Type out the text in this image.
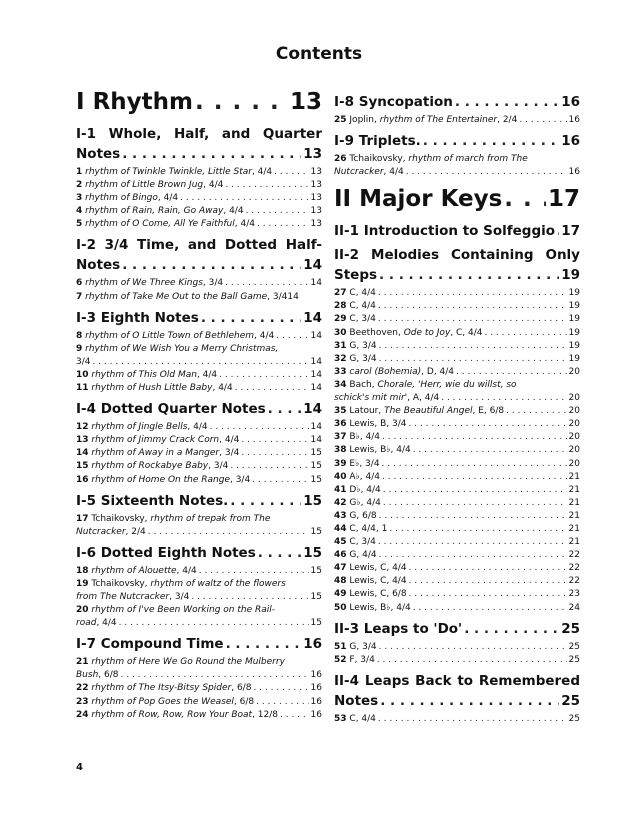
Contents
I Rhythm . . .	13
I-1 Whole, Half, and Quarter
Notes . . .	13
1 rhythm of Twinkle Twinkle, Little Star, 4/4 . . .	13
2 rhythm of Little Brown Jug, 4/4 . . .	13
3 rhythm of Bingo, 4/4 . . .	13
4 rhythm of Rain, Rain, Go Away, 4/4 . . .	13
5 rhythm of O Come, All Ye Faithful, 4/4 . . .	13
I-2 3/4 Time, and Dotted Half-
Notes . . .	14
6 rhythm of We Three Kings, 3/4 . . .	14
7 rhythm of Take Me Out to the Ball Game, 3/4 14
I-3 Eighth Notes . . .	14
8 rhythm of O Little Town of Bethlehem, 4/4 . . .	14
9 rhythm of We Wish You a Merry Christmas,
3/4 . . .	14
10 rhythm of This Old Man, 4/4 . . .	14
11 rhythm of Hush Little Baby, 4/4 . . .	14
I-4 Dotted Quarter Notes . . .	14
12 rhythm of Jingle Bells, 4/4 . . .	14
13 rhythm of Jimmy Crack Corn, 4/4 . . .	14
14 rhythm of Away in a Manger, 3/4 . . .	15
15 rhythm of Rockabye Baby, 3/4 . . .	15
16 rhythm of Home On the Range, 3/4 . . .	15
I-5 Sixteenth Notes. . . .	15
17 Tchaikovsky, rhythm of trepak from The
Nutcracker, 2/4 . . .	15
I-6 Dotted Eighth Notes . . .	15
18 rhythm of Alouette, 4/4 . . .	15
19 Tchaikovsky, rhythm of waltz of the flowers
from The Nutcracker, 3/4 . . .	15
20 rhythm of I've Been Working on the Rail-
road, 4/4 . . .	15
I-7 Compound Time . . .	16
21 rhythm of Here We Go Round the Mulberry
Bush, 6/8 . . .	16
22 rhythm of The Itsy-Bitsy Spider, 6/8 . . .	16
23 rhythm of Pop Goes the Weasel, 6/8 . . .	16
24 rhythm of Row, Row, Row Your Boat, 12/8 . . .	16
I-8 Syncopation . . .	16
25 Joplin, rhythm of The Entertainer, 2/4 . . .	16
I-9 Triplets. . . .	16
26 Tchaikovsky, rhythm of march from The
Nutcracker, 4/4 . . .	16
II Major Keys . . . 17
II-1 Introduction to Solfeggio . . . 17
II-2 Melodies Containing Only
Steps . . .	19
27 C, 4/4 . . .	19
28 C, 4/4 . . .	19
29 C, 3/4 . . .	19
30 Beethoven, Ode to Joy, C, 4/4 . . .	19
31 G, 3/4 . . .	19
32 G, 3/4 . . .	19
33 carol (Bohemia), D, 4/4 . . .	20
34 Bach, Chorale, 'Herr, wie du willst, so
schick's mit mir', A, 4/4 . . .	20
35 Latour, The Beautiful Angel, E, 6/8 . . .	20
36 Lewis, B, 3/4 . . .	20
37 B♭, 4/4 . . .	20
38 Lewis, B♭, 4/4 . . .	20
39 E♭, 3/4 . . .	20
40 A♭, 4/4 . . .	21
41 D♭, 4/4 . . .	21
42 G♭, 4/4 . . .	21
43 G, 6/8 . . .	21
44 C, 4/4, 1 . . .	21
45 C, 3/4 . . .	21
46 G, 4/4 . . .	22
47 Lewis, C, 4/4 . . .	22
48 Lewis, C, 4/4 . . .	22
49 Lewis, C, 6/8 . . .	23
50 Lewis, B♭, 4/4 . . .	24
II-3 Leaps to 'Do' . . .	25
51 G, 3/4 . . .	25
52 F, 3/4 . . .	25
II-4 Leaps Back to Remembered
Notes . . .	25
53 C, 4/4 . . .	25
4
